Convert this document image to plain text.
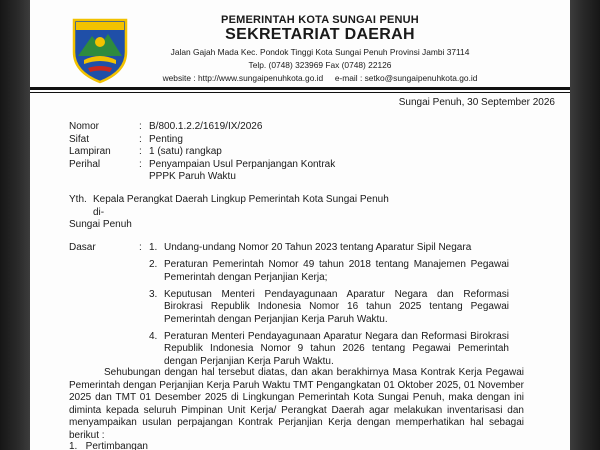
PEMERINTAH KOTA SUNGAI PENUH
SEKRETARIAT DAERAH
Jalan Gajah Mada Kec. Pondok Tinggi Kota Sungai Penuh Provinsi Jambi 37114
Telp. (0748) 323969 Fax (0748) 22126
website : http://www.sungaipenuhkota.go.id     e-mail : setko@sungaipenuhkota.go.id
Sungai Penuh, 30 September 2026
Nomor	: B/800.1.2.2/1619/IX/2026
Sifat	: Penting
Lampiran	: 1 (satu) rangkap
Perihal	: Penyampaian Usul Perpanjangan Kontrak
PPPK Paruh Waktu
Yth. Kepala Perangkat Daerah Lingkup Pemerintah Kota Sungai Penuh
di-
Sungai Penuh
Dasar	: 1. Undang-undang Nomor 20 Tahun 2023 tentang Aparatur Sipil Negara
2. Peraturan Pemerintah Nomor 49 tahun 2018 tentang Manajemen Pegawai Pemerintah dengan Perjanjian Kerja;
3. Keputusan Menteri Pendayagunaan Aparatur Negara dan Reformasi Birokrasi Republik Indonesia Nomor 16 tahun 2025 tentang Pegawai Pemerintah dengan Perjanjian Kerja Paruh Waktu.
4. Peraturan Menteri Pendayagunaan Aparatur Negara dan Reformasi Birokrasi Republik Indonesia Nomor 9 tahun 2026 tentang Pegawai Pemerintah dengan Perjanjian Kerja Paruh Waktu.
Sehubungan dengan hal tersebut diatas, dan akan berakhirnya Masa Kontrak Kerja Pegawai Pemerintah dengan Perjanjian Kerja Paruh Waktu TMT Pengangkatan 01 Oktober 2025, 01 November 2025 dan TMT 01 Desember 2025 di Lingkungan Pemerintah Kota Sungai Penuh, maka dengan ini diminta kepada seluruh Pimpinan Unit Kerja/ Perangkat Daerah agar melakukan inventarisasi dan menyampaikan usulan perpajangan Kontrak Perjanjian Kerja dengan memperhatikan hal sebagai berikut :
1.   Pertimbangan
